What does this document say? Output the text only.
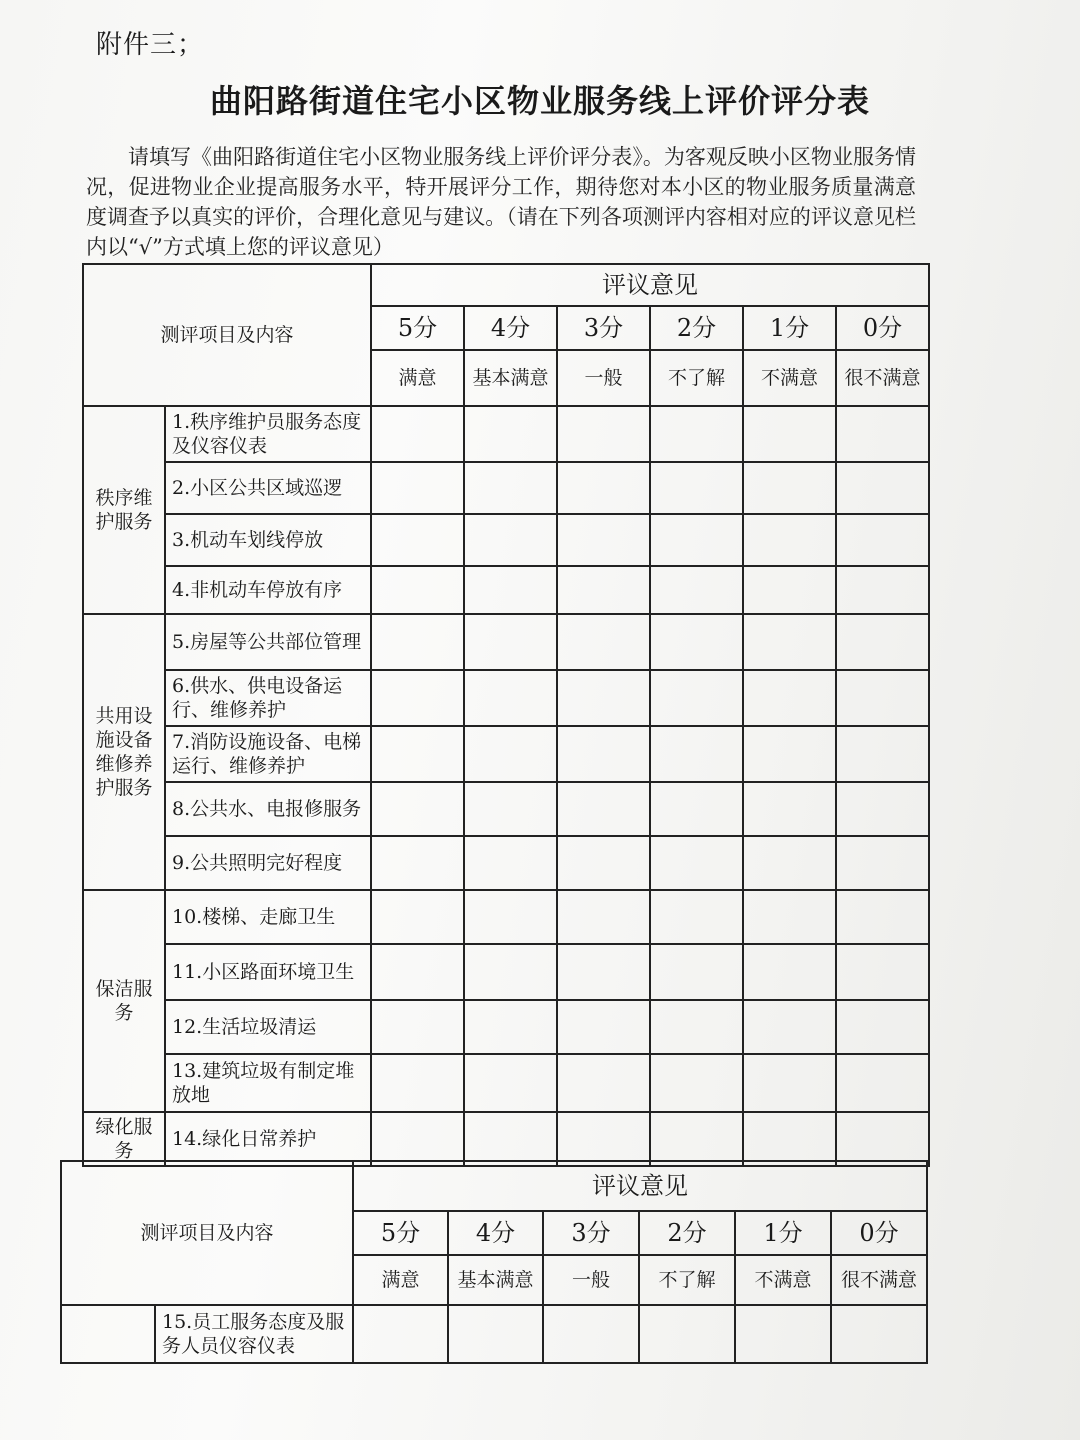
附件三；
曲阳路街道住宅小区物业服务线上评价评分表
请填写《曲阳路街道住宅小区物业服务线上评价评分表》。为客观反映小区物业服务情况，促进物业企业提高服务水平，特开展评分工作，期待您对本小区的物业服务质量满意度调查予以真实的评价，合理化意见与建议。（请在下列各项测评内容相对应的评议意见栏内以“√”方式填上您的评议意见）
测评项目及内容		评议意见					
		5分	4分	3分	2分	1分	0分
		满意	基本满意	一般	不了解	不满意	很不满意
秩序维护服务	1.秩序维护员服务态度及仪容仪表						
	2.小区公共区域巡逻						
	3.机动车划线停放						
	4.非机动车停放有序						
共用设施设备维修养护服务	5.房屋等公共部位管理						
	6.供水、供电设备运行、维修养护						
	7.消防设施设备、电梯运行、维修养护						
	8.公共水、电报修服务						
	9.公共照明完好程度						
保洁服务	10.楼梯、走廊卫生						
	11.小区路面环境卫生						
	12.生活垃圾清运						
	13.建筑垃圾有制定堆放地						
绿化服务	14.绿化日常养护						
测评项目及内容		评议意见					
		5分	4分	3分	2分	1分	0分
		满意	基本满意	一般	不了解	不满意	很不满意
	15.员工服务态度及服务人员仪容仪表						
